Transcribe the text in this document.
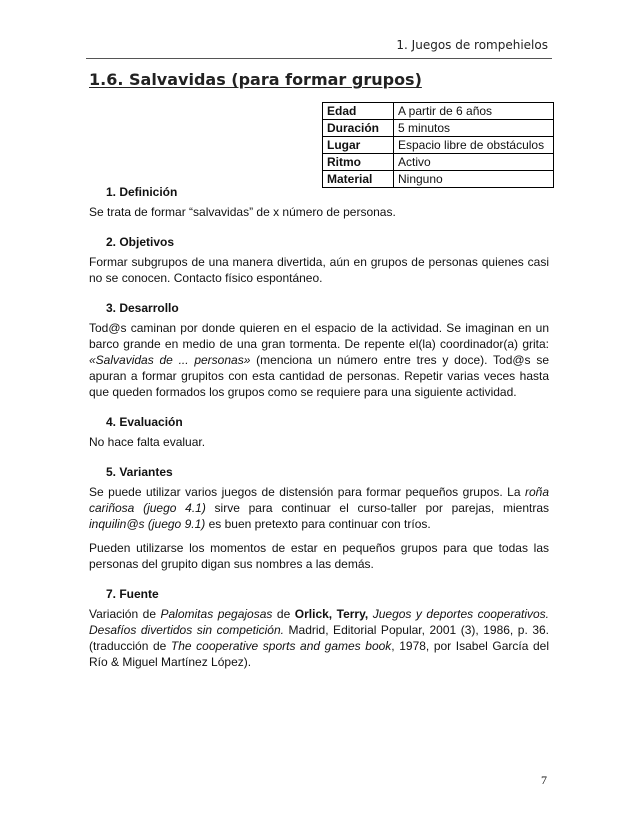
1. Juegos de rompehielos
1.6. Salvavidas (para formar grupos)
Edad	A partir de 6 años
Duración	5 minutos
Lugar	Espacio libre de obstáculos
Ritmo	Activo
Material	Ninguno
1. Definición

Se trata de formar “salvavidas” de x número de personas.

2. Objetivos

Formar subgrupos de una manera divertida, aún en grupos de personas quienes casi no se conocen. Contacto físico espontáneo.

3. Desarrollo

Tod@s caminan por donde quieren en el espacio de la actividad. Se imaginan en un barco grande en medio de una gran tormenta. De repente el(la) coordinador(a) grita: «Salvavidas de ... personas» (menciona un número entre tres y doce). Tod@s se apuran a formar grupitos con esta cantidad de personas. Repetir varias veces hasta que queden formados los grupos como se requiere para una siguiente actividad.

4. Evaluación

No hace falta evaluar.

5. Variantes

Se puede utilizar varios juegos de distensión para formar pequeños grupos. La roña cariñosa (juego 4.1) sirve para continuar el curso-taller por parejas, mientras inquilin@s (juego 9.1) es buen pretexto para continuar con tríos.

Pueden utilizarse los momentos de estar en pequeños grupos para que todas las personas del grupito digan sus nombres a las demás.

7. Fuente

Variación de Palomitas pegajosas de Orlick, Terry, Juegos y deportes cooperativos. Desafíos divertidos sin competición. Madrid, Editorial Popular, 2001 (3), 1986, p. 36. (traducción de The cooperative sports and games book, 1978, por Isabel García del Río & Miguel Martínez López).

7
